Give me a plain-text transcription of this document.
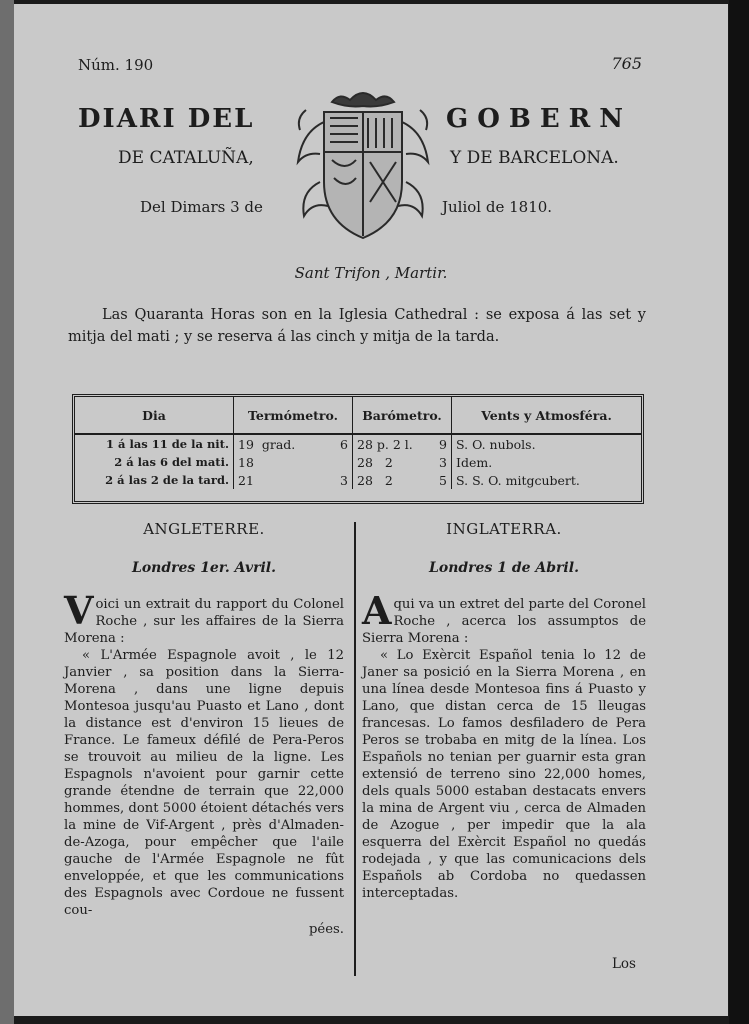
Núm. 190	765
DIARI DEL	GOBERN
DE CATALUÑA,	Y DE BARCELONA.
Del Dimars 3 de	Juliol de 1810.
Sant Trifon , Martir.
Las Quaranta Horas son en la Iglesia Cathedral : se exposa á las set y mitja del mati ; y se reserva á las cinch y mitja de la tarda.
Dia	Termómetro.	Barómetro.	Vents y Atmosféra.
1 á las 11 de la nit.	19 grad. 6	28 p. 2 l. 9	S. O. nubols.
2 á las 6 del mati.	18	28 2 3	Idem.
2 á las 2 de la tard.	21 3	28 2 5	S. S. O. mitgcubert.
ANGLETERRE.
Londres 1er. Avril.

Voici un extrait du rapport du Colonel Roche , sur les affaires de la Sierra Morena :

« L'Armée Espagnole avoit , le 12 Janvier , sa position dans la Sierra-Morena , dans une ligne depuis Montesoa jusqu'au Puasto et Lano , dont la distance est d'environ 15 lieues de France. Le fameux défilé de Pera-Peros se trouvoit au milieu de la ligne. Les Espagnols n'avoient pour garnir cette grande étendne de terrain que 22,000 hommes, dont 5000 étoient détachés vers la mine de Vif-Argent , près d'Almaden-de-Azoga, pour empêcher que l'aile gauche de l'Armée Espagnole ne fût enveloppée, et que les communications des Espagnols avec Cordoue ne fussent cou-

pées.

INGLATERRA.
Londres 1 de Abril.

Aqui va un extret del parte del Coronel Roche , acerca los assumptos de Sierra Morena :

« Lo Exèrcit Español tenia lo 12 de Janer sa posició en la Sierra Morena , en una línea desde Montesoa fins á Puasto y Lano, que distan cerca de 15 lleugas francesas. Lo famos desfiladero de Pera Peros se trobaba en mitg de la línea. Los Españols no tenian per guarnir esta gran extensió de terreno sino 22,000 homes, dels quals 5000 estaban destacats envers la mina de Argent viu , cerca de Almaden de Azogue , per impedir que la ala esquerra del Exèrcit Español no quedás rodejada , y que las comunicacions dels Españols ab Cordoba no quedassen interceptadas.

Los
